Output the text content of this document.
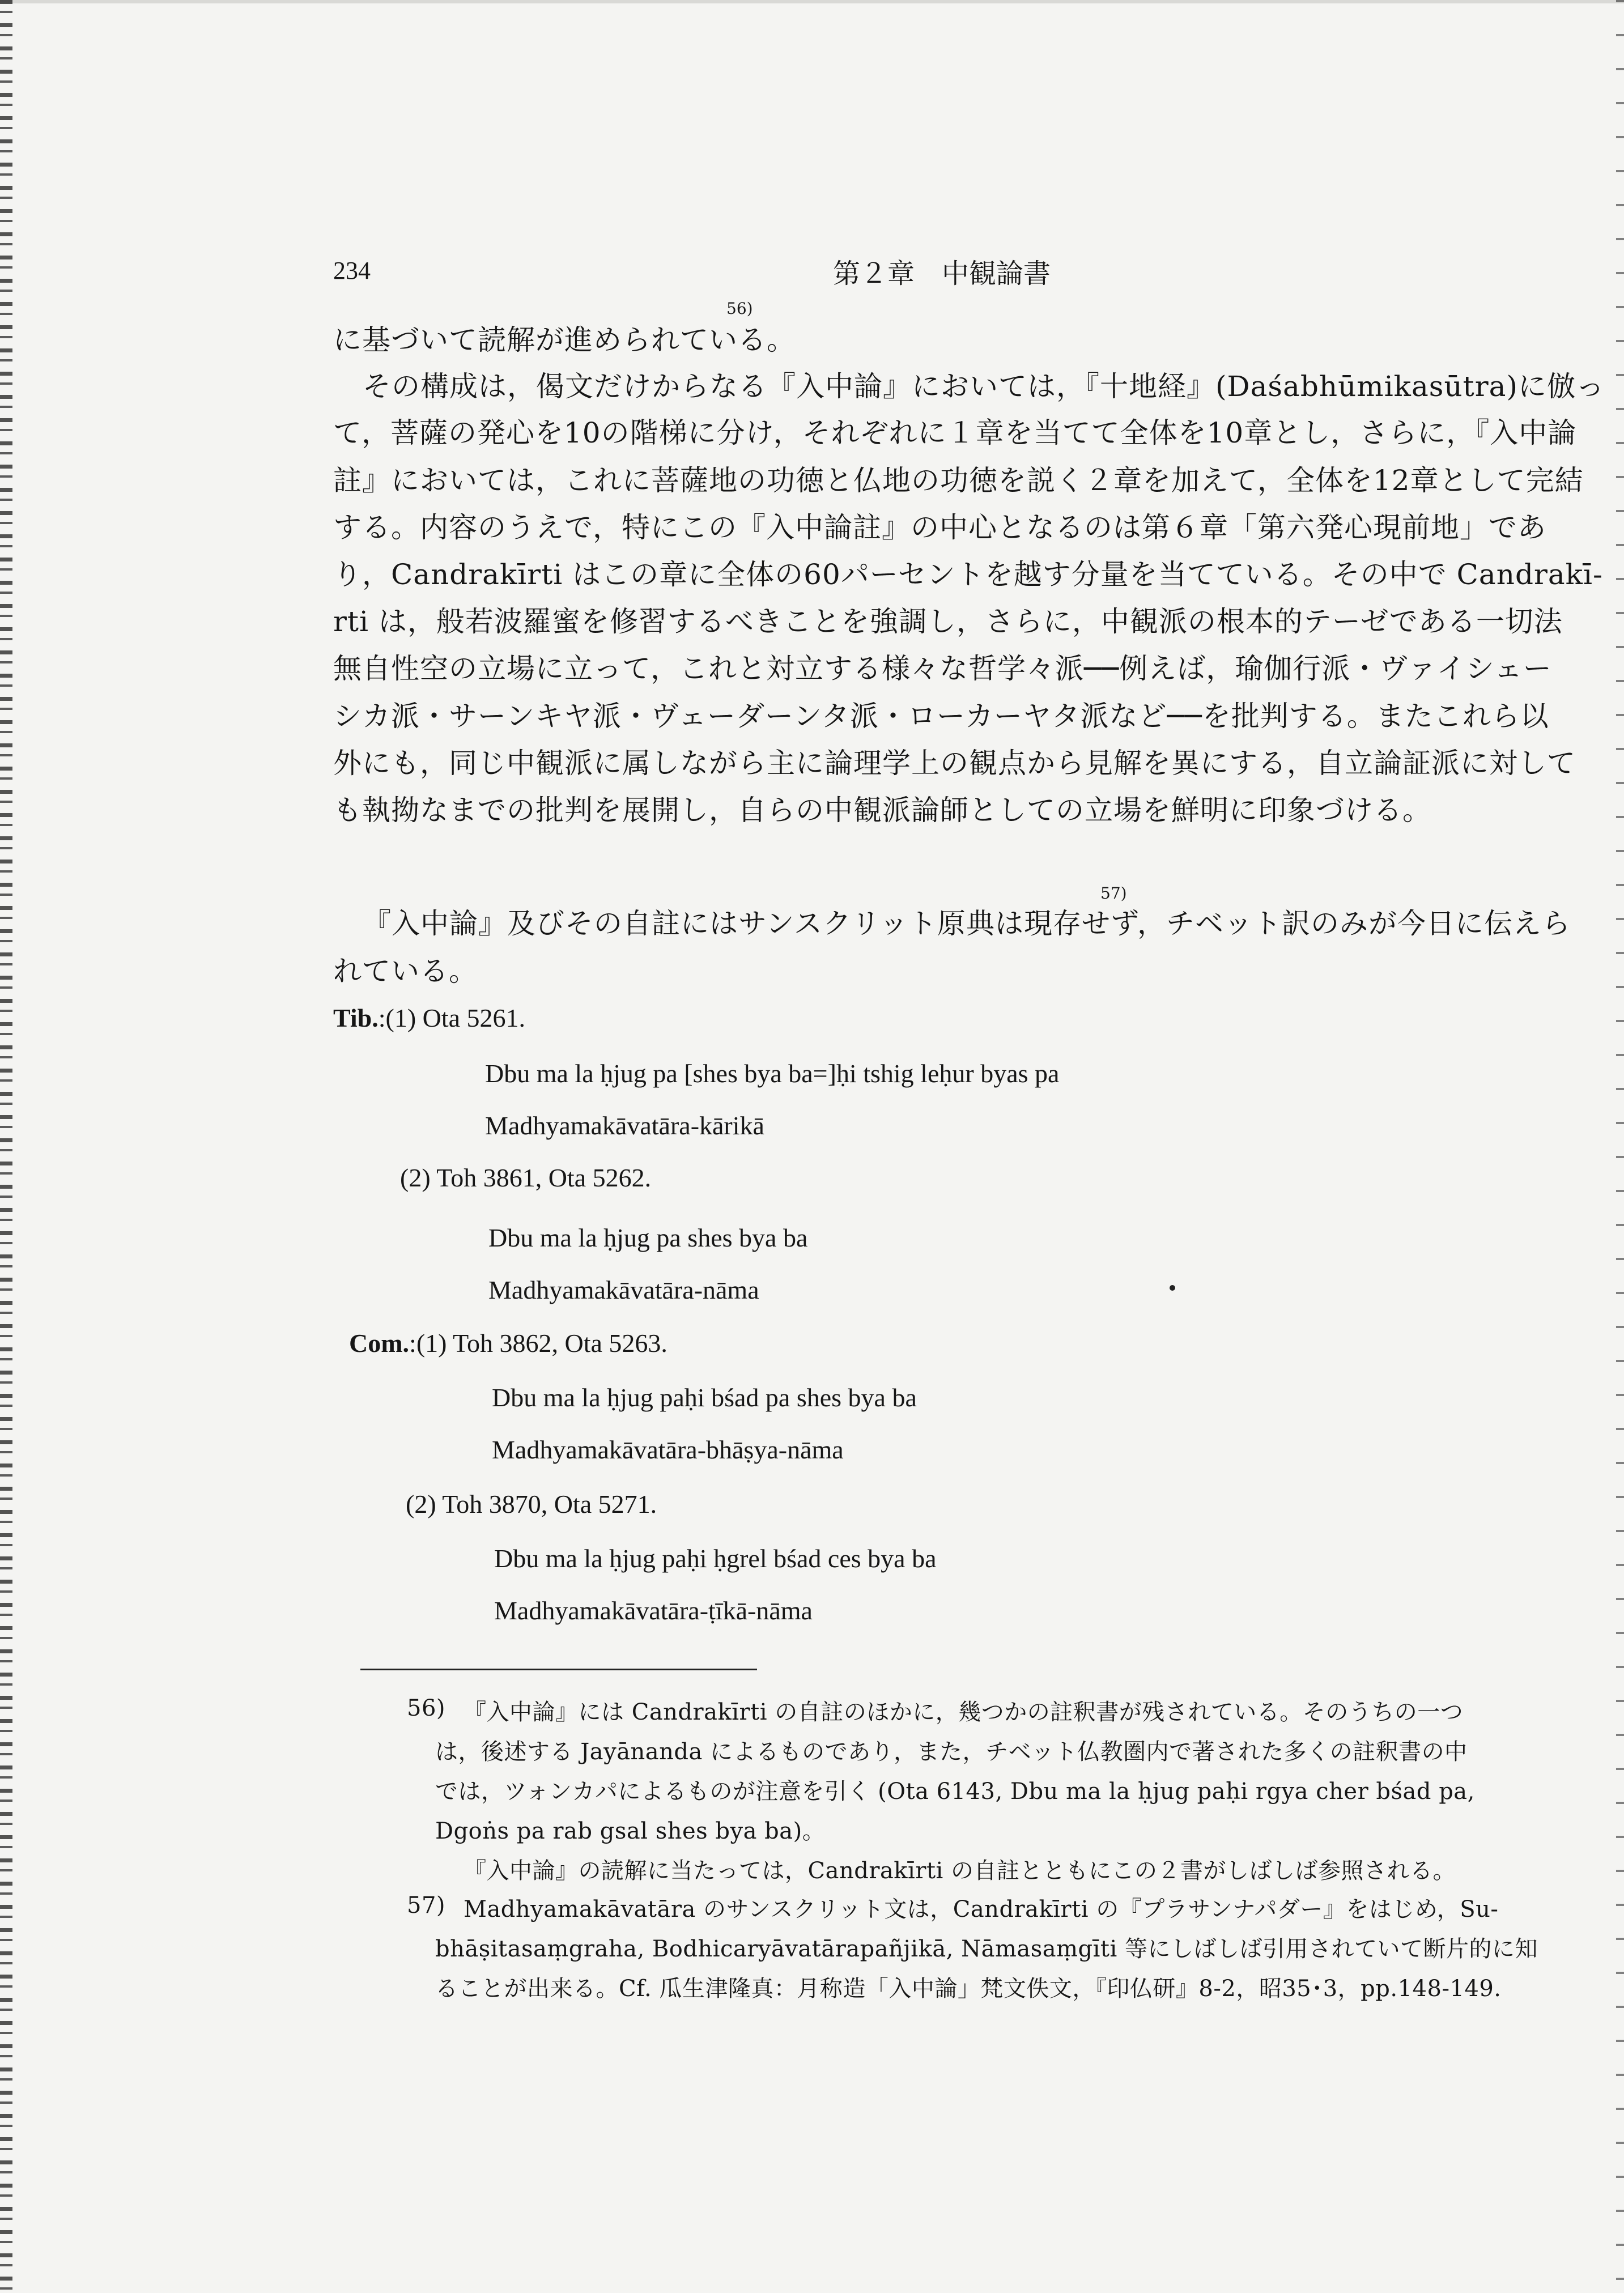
234	第２章　中観論書
に基づいて読解が進められている。
56)
その構成は，偈文だけからなる『入中論』においては，『十地経』(Daśabhūmikasūtra)に倣っ
て，菩薩の発心を10の階梯に分け，それぞれに１章を当てて全体を10章とし，さらに，『入中論
註』においては，これに菩薩地の功徳と仏地の功徳を説く２章を加えて，全体を12章として完結
する。内容のうえで，特にこの『入中論註』の中心となるのは第６章「第六発心現前地」であ
り，Candrakīrti はこの章に全体の60パーセントを越す分量を当てている。その中で Candrakī-
rti は，般若波羅蜜を修習するべきことを強調し，さらに，中観派の根本的テーゼである一切法
無自性空の立場に立って，これと対立する様々な哲学々派──例えば，瑜伽行派・ヴァイシェー
シカ派・サーンキヤ派・ヴェーダーンタ派・ローカーヤタ派など──を批判する。またこれら以
外にも，同じ中観派に属しながら主に論理学上の観点から見解を異にする，自立論証派に対して
も執拗なまでの批判を展開し，自らの中観派論師としての立場を鮮明に印象づける。
『入中論』及びその自註にはサンスクリット原典は現存せず，チベット訳のみが今日に伝えら
57)
れている。
Tib.:(1) Ota 5261.
Dbu ma la ḥjug pa [shes bya ba=]ḥi tshig leḥur byas pa
Madhyamakāvatāra-kārikā
(2) Toh 3861, Ota 5262.
Dbu ma la ḥjug pa shes bya ba
Madhyamakāvatāra-nāma
Com.:(1) Toh 3862, Ota 5263.
Dbu ma la ḥjug paḥi bśad pa shes bya ba
Madhyamakāvatāra-bhāṣya-nāma
(2) Toh 3870, Ota 5271.
Dbu ma la ḥjug paḥi ḥgrel bśad ces bya ba
Madhyamakāvatāra-ṭīkā-nāma
56) 『入中論』には Candrakīrti の自註のほかに，幾つかの註釈書が残されている。そのうちの一つ
は，後述する Jayānanda によるものであり，また，チベット仏教圏内で著された多くの註釈書の中
では，ツォンカパによるものが注意を引く (Ota 6143, Dbu ma la ḥjug paḥi rgya cher bśad pa,
Dgoṅs pa rab gsal shes bya ba)。
『入中論』の読解に当たっては，Candrakīrti の自註とともにこの２書がしばしば参照される。
57) Madhyamakāvatāra のサンスクリット文は，Candrakīrti の『プラサンナパダー』をはじめ，Su-
bhāṣitasaṃgraha, Bodhicaryāvatārapañjikā, Nāmasaṃgīti 等にしばしば引用されていて断片的に知
ることが出来る。Cf. 瓜生津隆真：月称造「入中論」梵文佚文，『印仏研』8-2，昭35･3，pp.148-149.
